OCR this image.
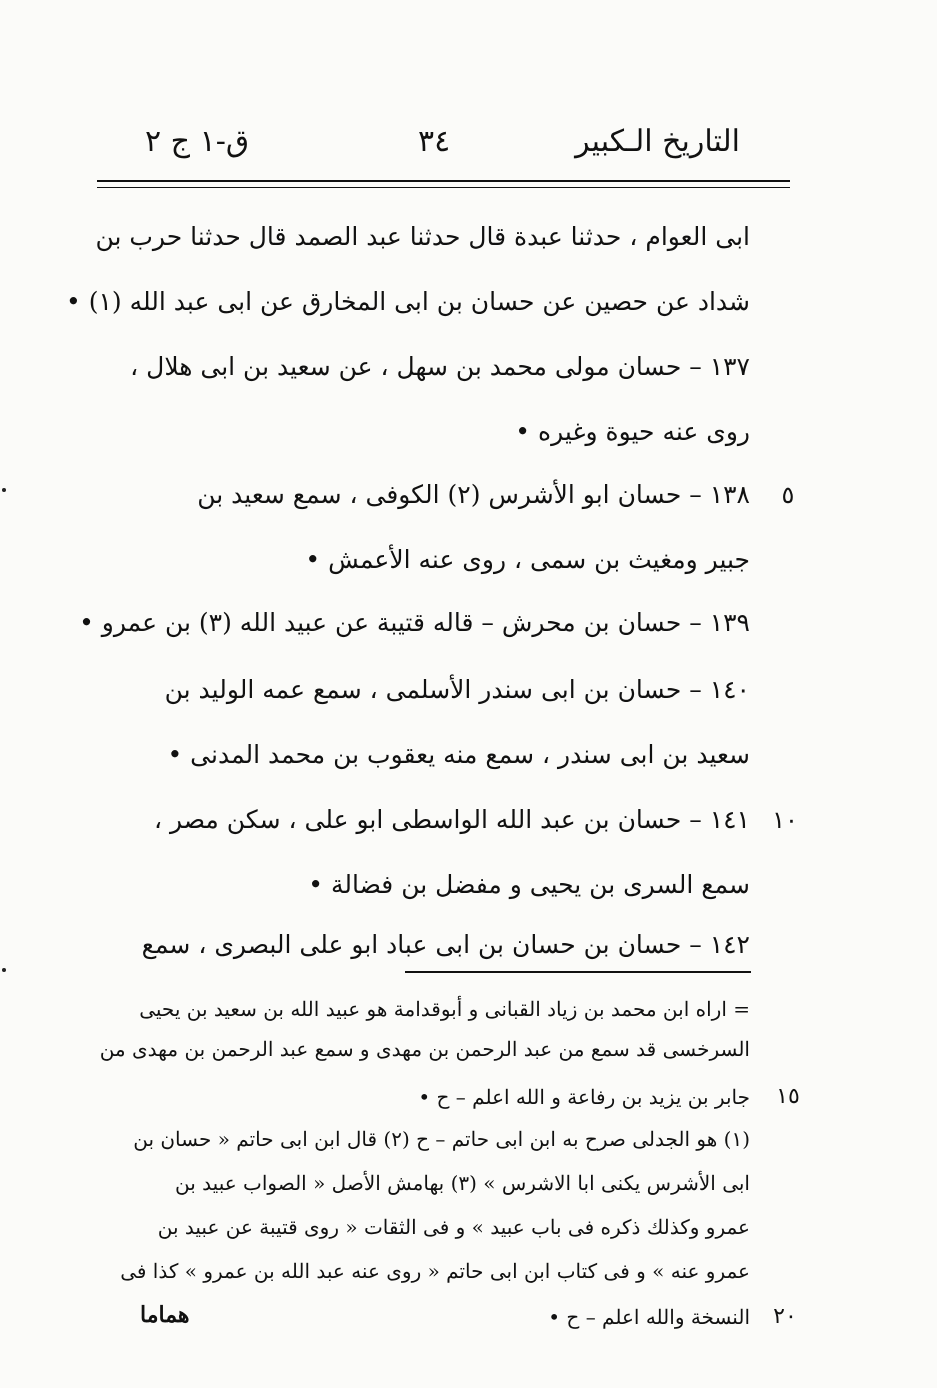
التاريخ الـكبير
٣٤
ق-١ ج ٢
ابى العوام ، حدثنا عبدة قال حدثنا عبد الصمد قال حدثنا حرب بن
شداد عن حصين عن حسان بن ابى المخارق عن ابى عبد الله (١) •
١٣٧ – حسان مولى محمد بن سهل ، عن سعيد بن ابى هلال ،
روى عنه حيوة وغيره •
١٣٨ – حسان ابو الأشرس (٢) الكوفى ، سمع سعيد بن	٥
جبير ومغيث بن سمى ، روى عنه الأعمش •
١٣٩ – حسان بن محرش – قاله قتيبة عن عبيد الله (٣) بن عمرو •
١٤٠ – حسان بن ابى سندر الأسلمى ، سمع عمه الوليد بن
سعيد بن ابى سندر ، سمع منه يعقوب بن محمد المدنى •
١٤١ – حسان بن عبد الله الواسطى ابو على ، سكن مصر ، ١٠
سمع السرى بن يحيى و مفضل بن فضالة •
١٤٢ – حسان بن حسان بن ابى عباد ابو على البصرى ، سمع
= اراه ابن محمد بن زياد القبانى و أبوقدامة هو عبيد الله بن سعيد بن يحيى
السرخسى قد سمع من عبد الرحمن بن مهدى و سمع عبد الرحمن بن مهدى من
جابر بن يزيد بن رفاعة و الله اعلم – ح •	١٥
(١) هو الجدلى صرح به ابن ابى حاتم – ح (٢) قال ابن ابى حاتم « حسان بن
ابى الأشرس يكنى ابا الاشرس » (٣) بهامش الأصل « الصواب عبيد بن
عمرو وكذلك ذكره فى باب عبيد » و فى الثقات « روى قتيبة عن عبيد بن
عمرو عنه » و فى كتاب ابن ابى حاتم « روى عنه عبد الله بن عمرو » كذا فى
النسخة والله اعلم – ح •	٢٠
هماما
